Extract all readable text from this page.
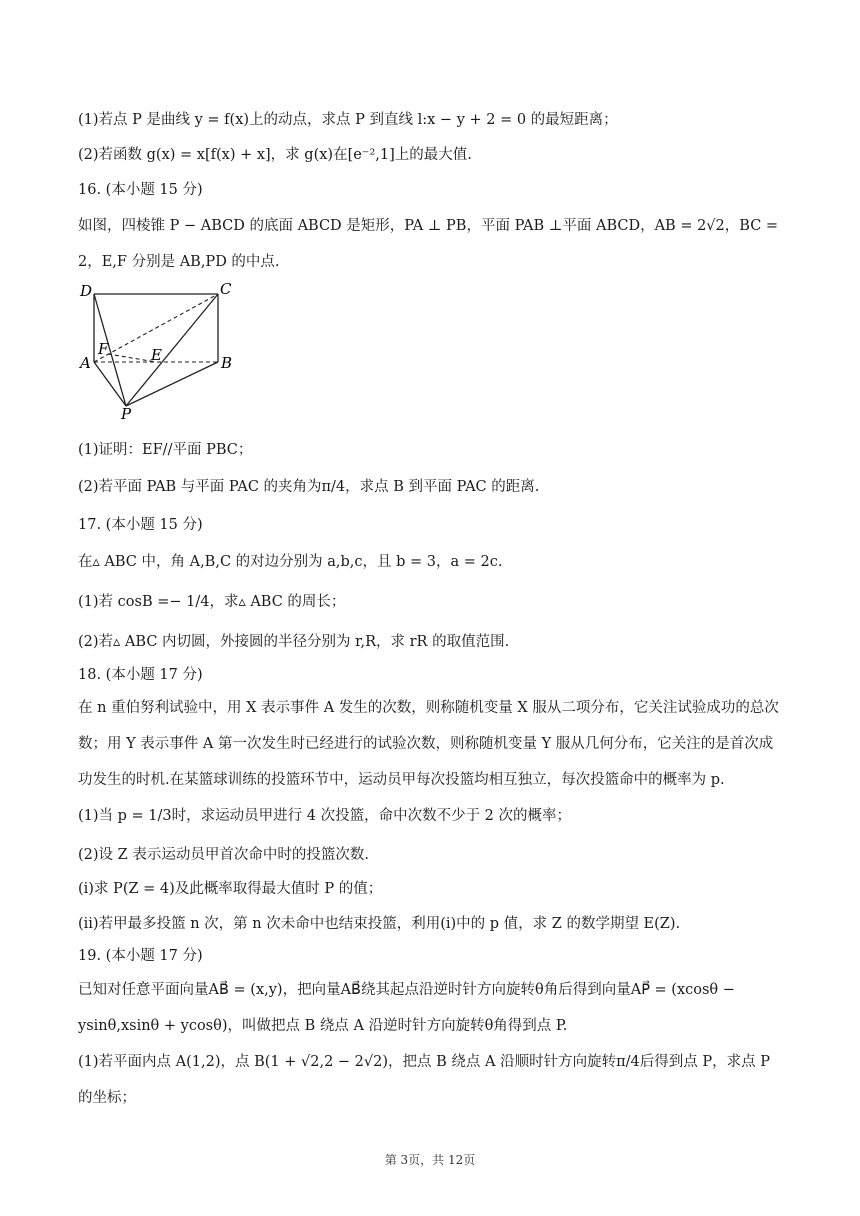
(1)若点 P 是曲线 y = f(x)上的动点，求点 P 到直线 l:x − y + 2 = 0 的最短距离；
(2)若函数 g(x) = x[f(x) + x]，求 g(x)在[e⁻²,1]上的最大值.
16. (本小题 15 分)
如图，四棱锥 P − ABCD 的底面 ABCD 是矩形，PA ⊥ PB，平面 PAB ⊥平面 ABCD，AB = 2√2，BC = 2，E,F 分别是 AB,PD 的中点.
D	C
A	B
F	E
P
(1)证明：EF//平面 PBC；
(2)若平面 PAB 与平面 PAC 的夹角为π/4，求点 B 到平面 PAC 的距离.
17. (本小题 15 分)
在▵ ABC 中，角 A,B,C 的对边分别为 a,b,c，且 b = 3，a = 2c.
(1)若 cosB =− 1/4，求▵ ABC 的周长；
(2)若▵ ABC 内切圆，外接圆的半径分别为 r,R，求 rR 的取值范围.
18. (本小题 17 分)
在 n 重伯努利试验中，用 X 表示事件 A 发生的次数，则称随机变量 X 服从二项分布，它关注试验成功的总次数；用 Y 表示事件 A 第一次发生时已经进行的试验次数，则称随机变量 Y 服从几何分布，它关注的是首次成功发生的时机.在某篮球训练的投篮环节中，运动员甲每次投篮均相互独立，每次投篮命中的概率为 p.
(1)当 p = 1/3时，求运动员甲进行 4 次投篮，命中次数不少于 2 次的概率；
(2)设 Z 表示运动员甲首次命中时的投篮次数.
(i)求 P(Z = 4)及此概率取得最大值时 P 的值；
(ii)若甲最多投篮 n 次，第 n 次未命中也结束投篮，利用(i)中的 p 值，求 Z 的数学期望 E(Z).
19. (本小题 17 分)
已知对任意平面向量AB⃗ = (x,y)，把向量AB⃗绕其起点沿逆时针方向旋转θ角后得到向量AP⃗ = (xcosθ − ysinθ,xsinθ + ycosθ)，叫做把点 B 绕点 A 沿逆时针方向旋转θ角得到点 P.
(1)若平面内点 A(1,2)，点 B(1 + √2,2 − 2√2)，把点 B 绕点 A 沿顺时针方向旋转π/4后得到点 P，求点 P 的坐标；
第 3页，共 12页
